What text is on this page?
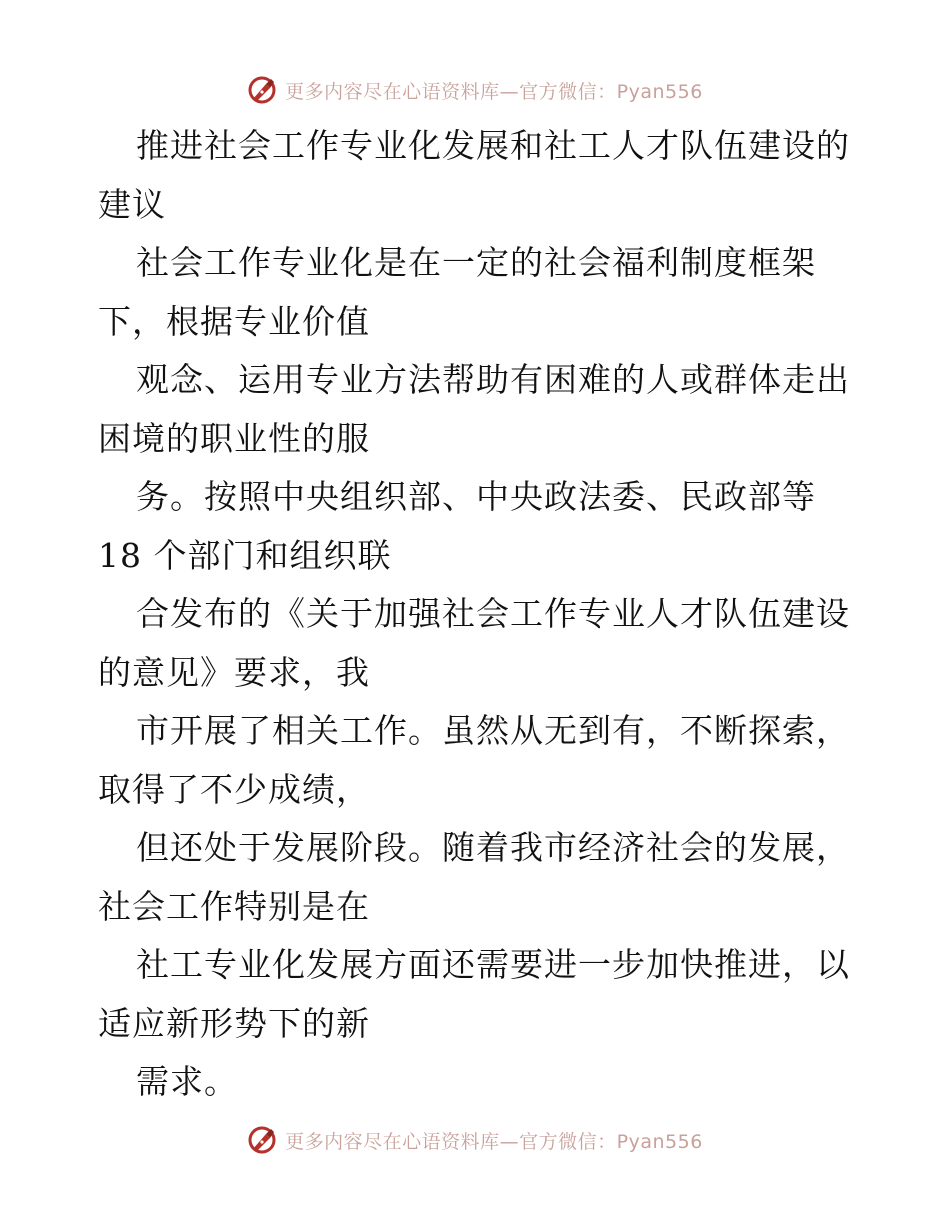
更多内容尽在心语资料库—官方微信：Pyan556
推进社会工作专业化发展和社工人才队伍建设的
建议
社会工作专业化是在一定的社会福利制度框架
下，根据专业价值
观念、运用专业方法帮助有困难的人或群体走出
困境的职业性的服
务。按照中央组织部、中央政法委、民政部等
18 个部门和组织联
合发布的《关于加强社会工作专业人才队伍建设
的意见》要求，我
市开展了相关工作。虽然从无到有，不断探索，
取得了不少成绩，
但还处于发展阶段。随着我市经济社会的发展，
社会工作特别是在
社工专业化发展方面还需要进一步加快推进，以
适应新形势下的新
需求。
更多内容尽在心语资料库—官方微信：Pyan556
